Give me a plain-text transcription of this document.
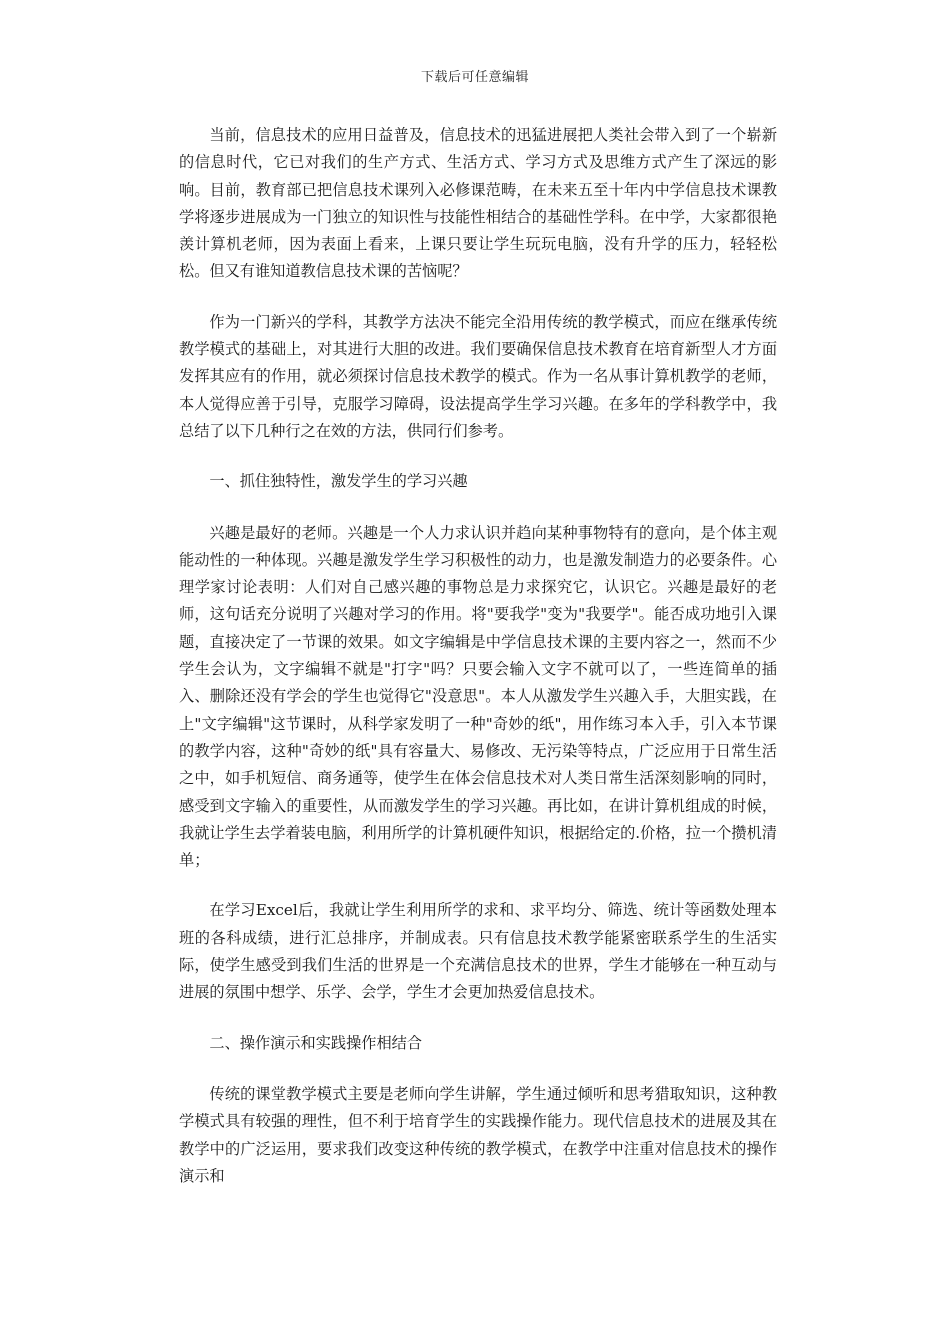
下载后可任意编辑

当前，信息技术的应用日益普及，信息技术的迅猛进展把人类社会带入到了一个崭新的信息时代，它已对我们的生产方式、生活方式、学习方式及思维方式产生了深远的影响。目前，教育部已把信息技术课列入必修课范畴，在未来五至十年内中学信息技术课教学将逐步进展成为一门独立的知识性与技能性相结合的基础性学科。在中学，大家都很艳羡计算机老师，因为表面上看来，上课只要让学生玩玩电脑，没有升学的压力，轻轻松松。但又有谁知道教信息技术课的苦恼呢？

作为一门新兴的学科，其教学方法决不能完全沿用传统的教学模式，而应在继承传统教学模式的基础上，对其进行大胆的改进。我们要确保信息技术教育在培育新型人才方面发挥其应有的作用，就必须探讨信息技术教学的模式。作为一名从事计算机教学的老师，本人觉得应善于引导，克服学习障碍，设法提高学生学习兴趣。在多年的学科教学中，我总结了以下几种行之在效的方法，供同行们参考。

一、抓住独特性，激发学生的学习兴趣

兴趣是最好的老师。兴趣是一个人力求认识并趋向某种事物特有的意向，是个体主观能动性的一种体现。兴趣是激发学生学习积极性的动力，也是激发制造力的必要条件。心理学家讨论表明：人们对自己感兴趣的事物总是力求探究它，认识它。兴趣是最好的老师，这句话充分说明了兴趣对学习的作用。将"要我学"变为"我要学"。能否成功地引入课题，直接决定了一节课的效果。如文字编辑是中学信息技术课的主要内容之一，然而不少学生会认为，文字编辑不就是"打字"吗？只要会输入文字不就可以了，一些连简单的插入、删除还没有学会的学生也觉得它"没意思"。本人从激发学生兴趣入手，大胆实践，在上"文字编辑"这节课时，从科学家发明了一种"奇妙的纸"，用作练习本入手，引入本节课的教学内容，这种"奇妙的纸"具有容量大、易修改、无污染等特点，广泛应用于日常生活之中，如手机短信、商务通等，使学生在体会信息技术对人类日常生活深刻影响的同时，感受到文字输入的重要性，从而激发学生的学习兴趣。再比如，在讲计算机组成的时候，我就让学生去学着装电脑，利用所学的计算机硬件知识，根据给定的.价格，拉一个攒机清单；

在学习Excel后，我就让学生利用所学的求和、求平均分、筛选、统计等函数处理本班的各科成绩，进行汇总排序，并制成表。只有信息技术教学能紧密联系学生的生活实际，使学生感受到我们生活的世界是一个充满信息技术的世界，学生才能够在一种互动与进展的氛围中想学、乐学、会学，学生才会更加热爱信息技术。

二、操作演示和实践操作相结合

传统的课堂教学模式主要是老师向学生讲解，学生通过倾听和思考猎取知识，这种教学模式具有较强的理性，但不利于培育学生的实践操作能力。现代信息技术的进展及其在教学中的广泛运用，要求我们改变这种传统的教学模式，在教学中注重对信息技术的操作演示和
